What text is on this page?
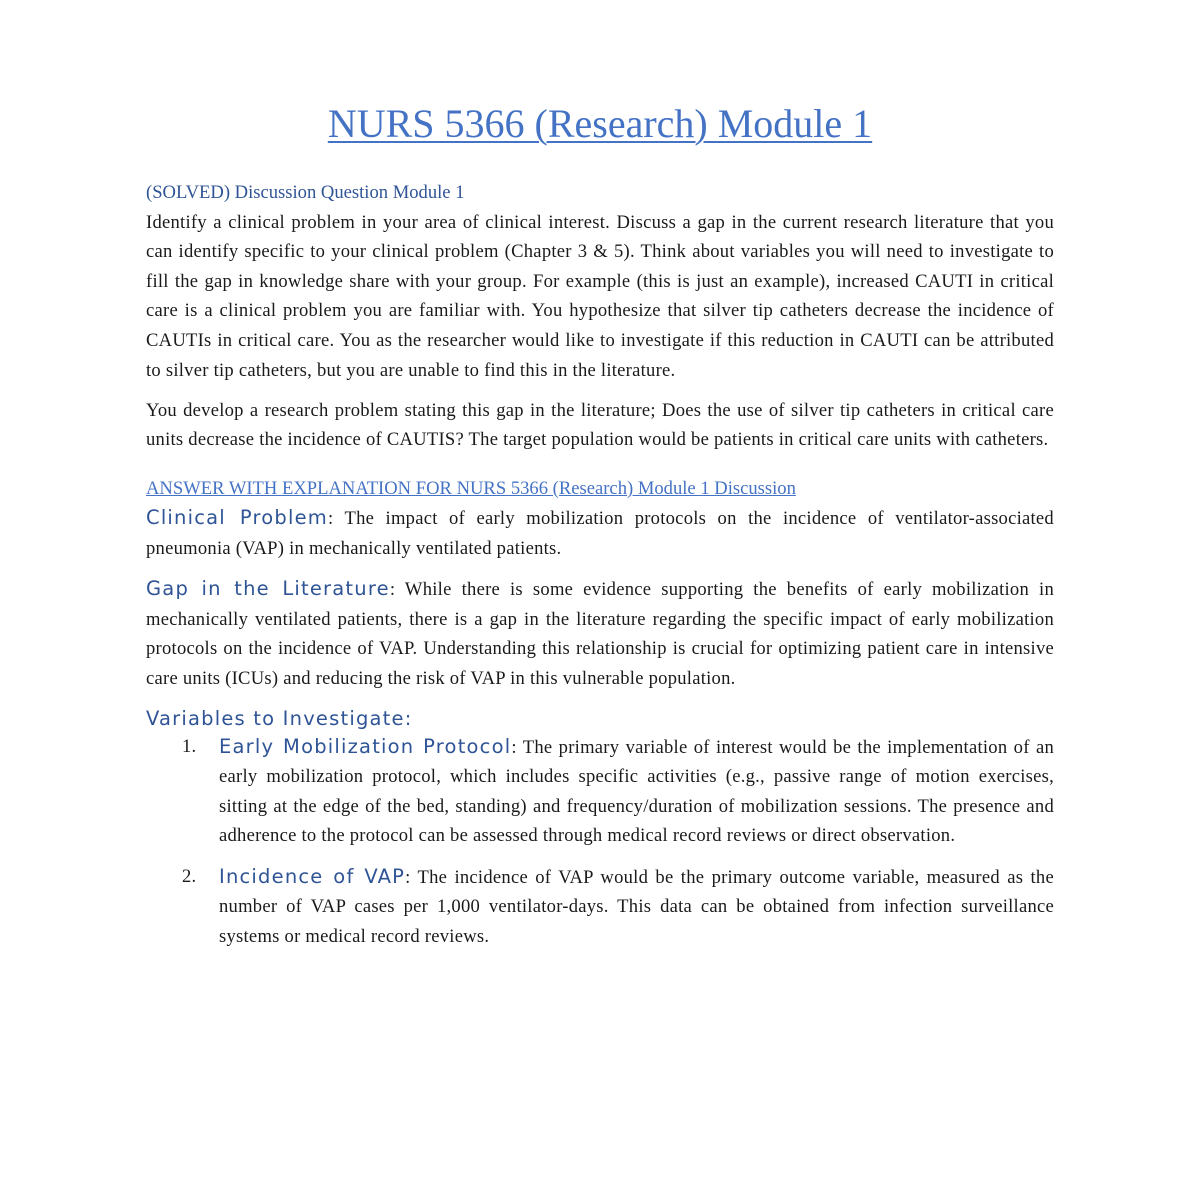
NURS 5366 (Research) Module 1

(SOLVED) Discussion Question Module 1

Identify a clinical problem in your area of clinical interest. Discuss a gap in the current research literature that you can identify specific to your clinical problem (Chapter 3 & 5). Think about variables you will need to investigate to fill the gap in knowledge share with your group. For example (this is just an example), increased CAUTI in critical care is a clinical problem you are familiar with. You hypothesize that silver tip catheters decrease the incidence of CAUTIs in critical care. You as the researcher would like to investigate if this reduction in CAUTI can be attributed to silver tip catheters, but you are unable to find this in the literature.

You develop a research problem stating this gap in the literature; Does the use of silver tip catheters in critical care units decrease the incidence of CAUTIS? The target population would be patients in critical care units with catheters.

ANSWER WITH EXPLANATION FOR NURS 5366 (Research) Module 1 Discussion

Clinical Problem: The impact of early mobilization protocols on the incidence of ventilator-associated pneumonia (VAP) in mechanically ventilated patients.

Gap in the Literature: While there is some evidence supporting the benefits of early mobilization in mechanically ventilated patients, there is a gap in the literature regarding the specific impact of early mobilization protocols on the incidence of VAP. Understanding this relationship is crucial for optimizing patient care in intensive care units (ICUs) and reducing the risk of VAP in this vulnerable population.

Variables to Investigate:

1. Early Mobilization Protocol: The primary variable of interest would be the implementation of an early mobilization protocol, which includes specific activities (e.g., passive range of motion exercises, sitting at the edge of the bed, standing) and frequency/duration of mobilization sessions. The presence and adherence to the protocol can be assessed through medical record reviews or direct observation.
2. Incidence of VAP: The incidence of VAP would be the primary outcome variable, measured as the number of VAP cases per 1,000 ventilator-days. This data can be obtained from infection surveillance systems or medical record reviews.
